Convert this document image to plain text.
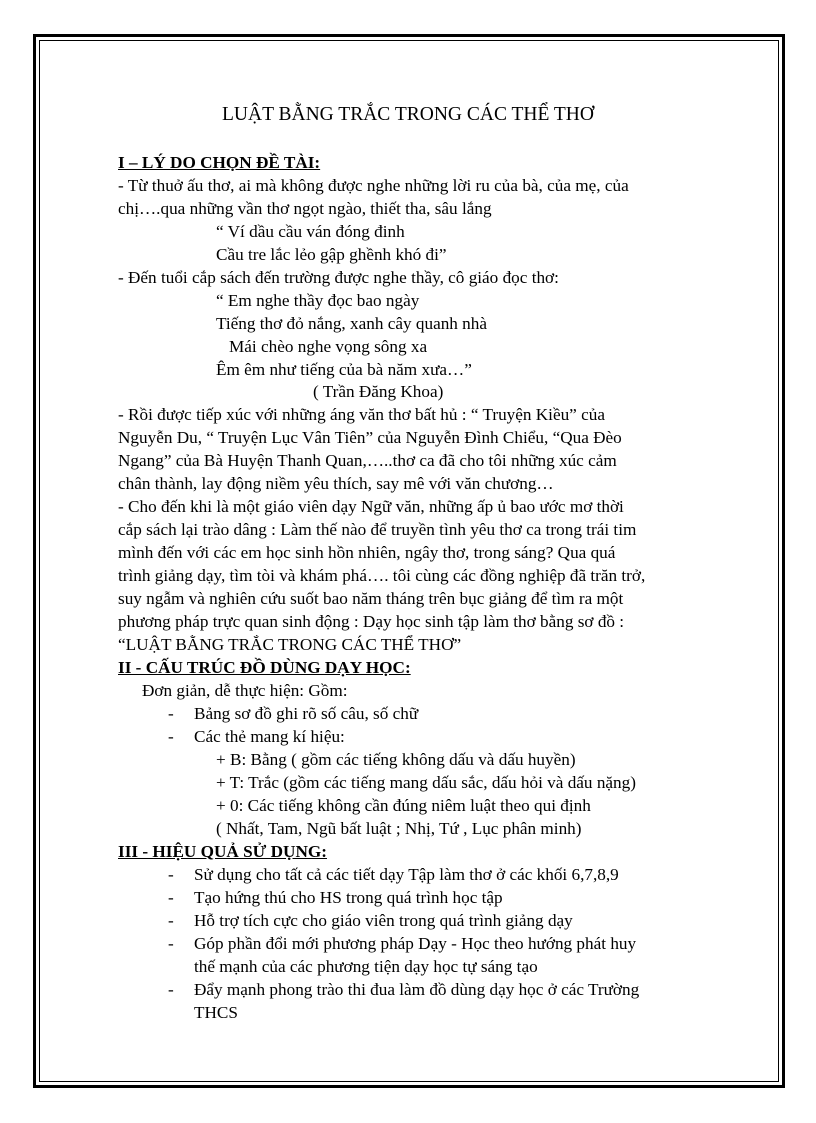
LUẬT BẰNG TRẮC TRONG CÁC THỂ THƠ
I – LÝ DO CHỌN ĐỀ TÀI:
- Từ thuở ấu thơ, ai mà không được nghe những lời ru của bà, của mẹ, của
chị….qua những vần thơ ngọt ngào, thiết tha, sâu lắng
“ Ví dầu cầu ván đóng đinh
Cầu tre lắc lẻo gập ghềnh khó đi”
- Đến tuổi cắp sách đến trường được nghe thầy, cô giáo đọc thơ:
“ Em nghe thầy đọc bao ngày
Tiếng thơ đỏ nắng, xanh cây quanh nhà
Mái chèo nghe vọng sông xa
Êm êm như tiếng của bà năm xưa…”
( Trần Đăng Khoa)
- Rồi được tiếp xúc với những áng văn thơ bất hủ : “ Truyện Kiều” của
Nguyễn Du, “ Truyện Lục Vân Tiên” của Nguyễn Đình Chiểu, “Qua Đèo
Ngang” của Bà Huyện Thanh Quan,…..thơ ca đã cho tôi những xúc cảm
chân thành, lay động niềm yêu thích, say mê với văn chương…
- Cho đến khi là một giáo viên dạy Ngữ văn, những ấp ủ bao ước mơ thời
cắp sách lại trào dâng : Làm thế nào để truyền tình yêu thơ ca trong trái tim
mình đến với các em học sinh hồn nhiên, ngây thơ, trong sáng? Qua quá
trình giảng dạy, tìm tòi và khám phá…. tôi cùng các đồng nghiệp đã trăn trở,
suy ngẫm và nghiên cứu suốt bao năm tháng trên bục giảng để tìm ra một
phương pháp trực quan sinh động : Dạy học sinh tập làm thơ bằng sơ đồ :
“LUẬT BẰNG TRẮC TRONG CÁC THỂ THƠ”
II - CẤU TRÚC ĐỒ DÙNG DẠY HỌC:
Đơn giản, dễ thực hiện: Gồm:
- Bảng sơ đồ ghi rõ số câu, số chữ
- Các thẻ mang kí hiệu:
+ B: Bằng ( gồm các tiếng không dấu và dấu huyền)
+ T: Trắc (gồm các tiếng mang dấu sắc, dấu hỏi và dấu nặng)
+ 0: Các tiếng không cần đúng niêm luật theo qui định
( Nhất, Tam, Ngũ bất luật ; Nhị, Tứ , Lục phân minh)
III - HIỆU QUẢ SỬ DỤNG:
- Sử dụng cho tất cả các tiết dạy Tập làm thơ ở các khối 6,7,8,9
- Tạo hứng thú cho HS trong quá trình học tập
- Hỗ trợ tích cực cho giáo viên trong quá trình giảng dạy
- Góp phần đổi mới phương pháp Dạy - Học theo hướng phát huy
thế mạnh của các phương tiện dạy học tự sáng tạo
- Đẩy mạnh phong trào thi đua làm đồ dùng dạy học ở các Trường
THCS
